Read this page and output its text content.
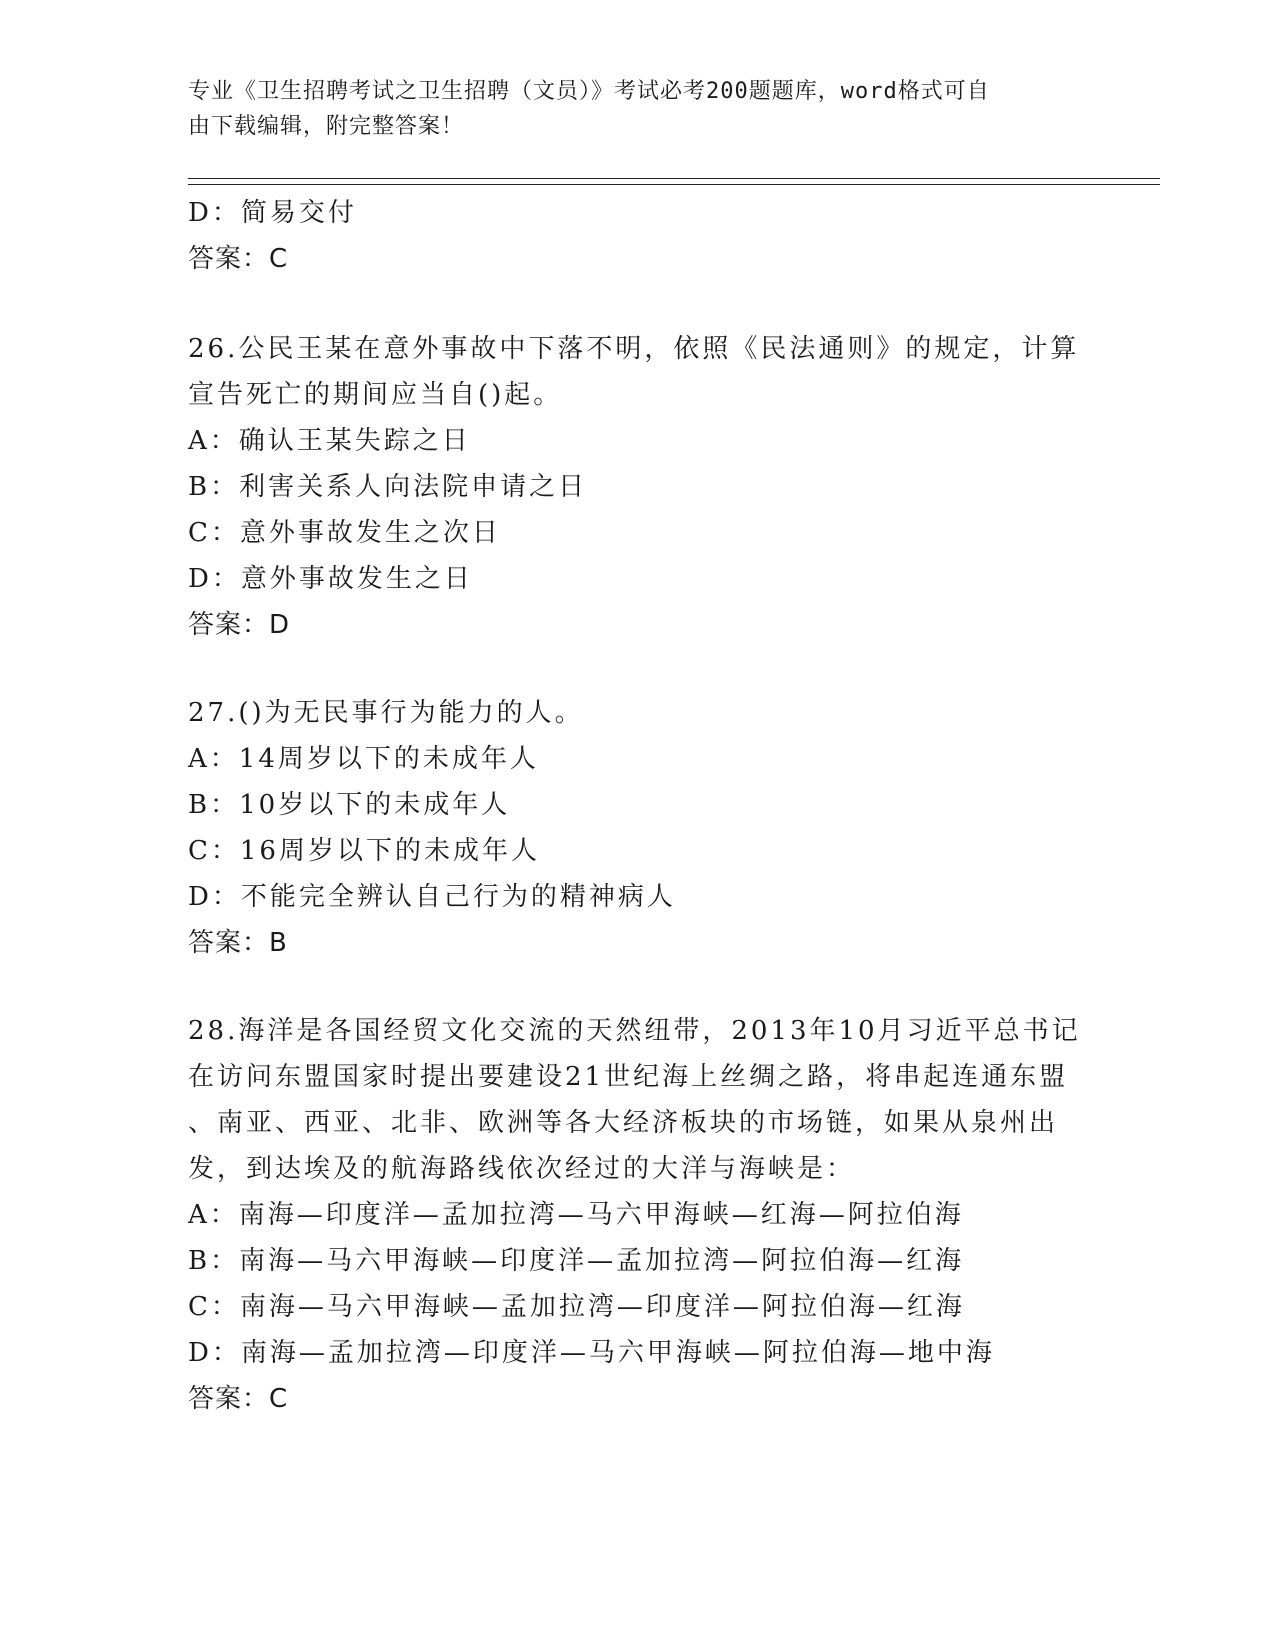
专业《卫生招聘考试之卫生招聘（文员）》考试必考200题题库，word格式可自
由下载编辑，附完整答案！
D：简易交付
答案：C
26.公民王某在意外事故中下落不明，依照《民法通则》的规定，计算
宣告死亡的期间应当自()起。
A：确认王某失踪之日
B：利害关系人向法院申请之日
C：意外事故发生之次日
D：意外事故发生之日
答案：D
27.()为无民事行为能力的人。
A：14周岁以下的未成年人
B：10岁以下的未成年人
C：16周岁以下的未成年人
D：不能完全辨认自己行为的精神病人
答案：B
28.海洋是各国经贸文化交流的天然纽带，2013年10月习近平总书记
在访问东盟国家时提出要建设21世纪海上丝绸之路，将串起连通东盟
、南亚、西亚、北非、欧洲等各大经济板块的市场链，如果从泉州出
发，到达埃及的航海路线依次经过的大洋与海峡是：
A：南海—印度洋—孟加拉湾—马六甲海峡—红海—阿拉伯海
B：南海—马六甲海峡—印度洋—孟加拉湾—阿拉伯海—红海
C：南海—马六甲海峡—孟加拉湾—印度洋—阿拉伯海—红海
D：南海—孟加拉湾—印度洋—马六甲海峡—阿拉伯海—地中海
答案：C
